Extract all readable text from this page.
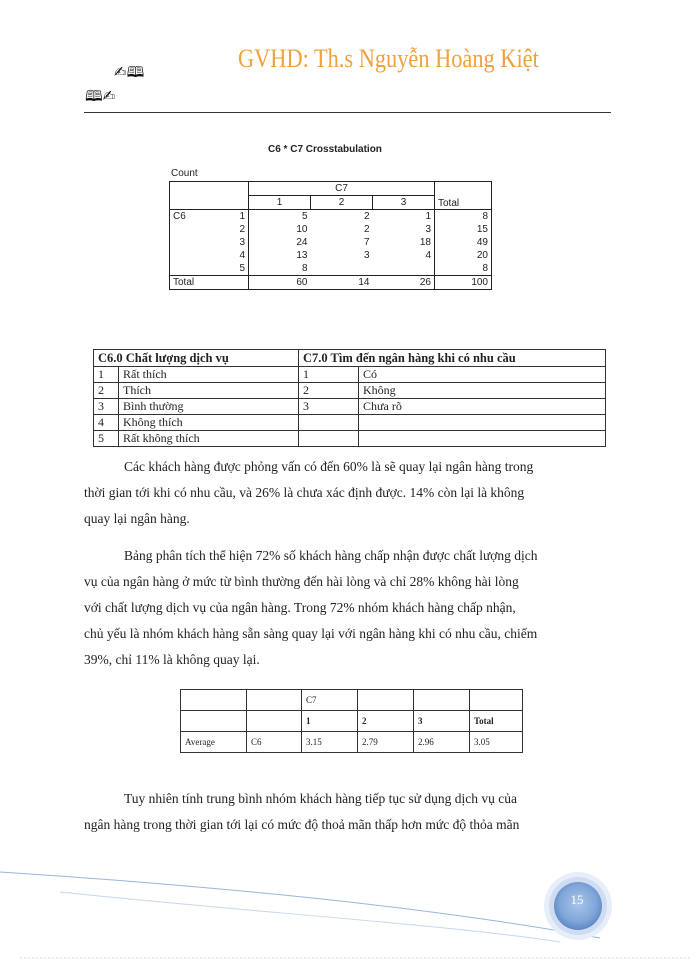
GVHD: Th.s Nguyễn Hoàng Kiệt
✍🕮
🕮✍
C6 * C7 Crosstabulation
Count
		C7			Total
		1	2	3	
C6	1	5	2	1	8
	2	10	2	3	15
	3	24	7	18	49
	4	13	3	4	20
	5	8			8
Total		60	14	26	100
C6.0 Chất lượng dịch vụ		C7.0 Tìm đến ngân hàng khi có nhu cầu	
1	Rất thích	1	Có
2	Thích	2	Không
3	Bình thường	3	Chưa rõ
4	Không thích		
5	Rất không thích		
Các khách hàng được phỏng vấn có đến 60% là sẽ quay lại ngân hàng trong
thời gian tới khi có nhu cầu, và 26% là chưa xác định được. 14% còn lại là không
quay lại ngân hàng.
Bảng phân tích thể hiện 72% số khách hàng chấp nhận được chất lượng dịch
vụ của ngân hàng ở mức từ bình thường đến hài lòng và chỉ 28% không hài lòng
với chất lượng dịch vụ của ngân hàng. Trong 72% nhóm khách hàng chấp nhận,
chủ yếu là nhóm khách hàng sẵn sàng quay lại với ngân hàng khi có nhu cầu, chiếm
39%, chỉ 11% là không quay lại.
		C7			
		1	2	3	Total
Average	C6	3.15	2.79	2.96	3.05
Tuy nhiên tính trung bình nhóm khách hàng tiếp tục sử dụng dịch vụ của
ngân hàng trong thời gian tới lại có mức độ thoả mãn thấp hơn mức độ thỏa mãn
15
